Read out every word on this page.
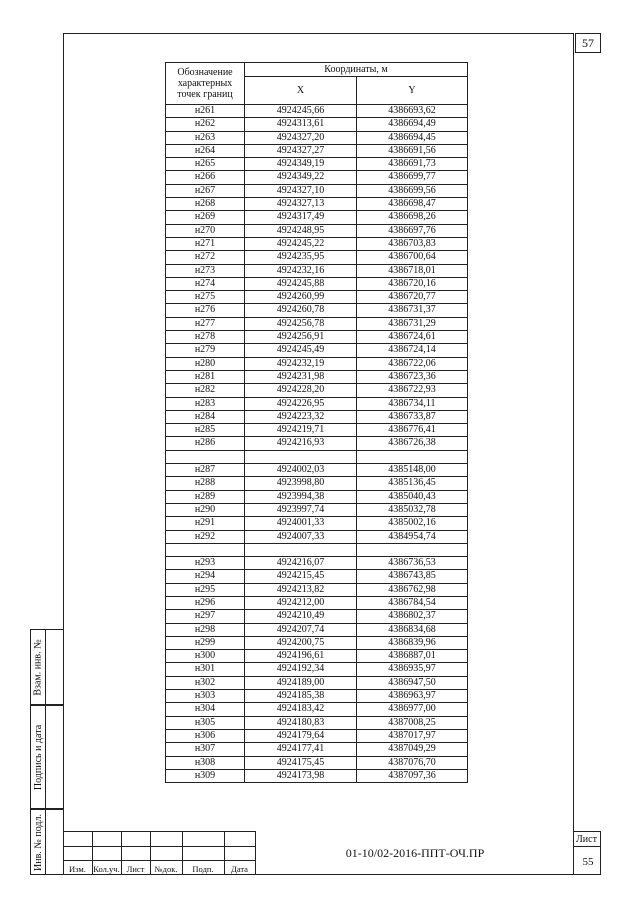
57
Обозначение характерных точек границ	Координаты, м	
	X	Y
н261	4924245,66	4386693,62
н262	4924313,61	4386694,49
н263	4924327,20	4386694,45
н264	4924327,27	4386691,56
н265	4924349,19	4386691,73
н266	4924349,22	4386699,77
н267	4924327,10	4386699,56
н268	4924327,13	4386698,47
н269	4924317,49	4386698,26
н270	4924248,95	4386697,76
н271	4924245,22	4386703,83
н272	4924235,95	4386700,64
н273	4924232,16	4386718,01
н274	4924245,88	4386720,16
н275	4924260,99	4386720,77
н276	4924260,78	4386731,37
н277	4924256,78	4386731,29
н278	4924256,91	4386724,61
н279	4924245,49	4386724,14
н280	4924232,19	4386722,06
н281	4924231,98	4386723,36
н282	4924228,20	4386722,93
н283	4924226,95	4386734,11
н284	4924223,32	4386733,87
н285	4924219,71	4386776,41
н286	4924216,93	4386726,38

н287	4924002,03	4385148,00
н288	4923998,80	4385136,45
н289	4923994,38	4385040,43
н290	4923997,74	4385032,78
н291	4924001,33	4385002,16
н292	4924007,33	4384954,74

н293	4924216,07	4386736,53
н294	4924215,45	4386743,85
н295	4924213,82	4386762,98
н296	4924212,00	4386784,54
н297	4924210,49	4386802,37
н298	4924207,74	4386834,68
н299	4924200,75	4386839,96
н300	4924196,61	4386887,01
н301	4924192,34	4386935,97
н302	4924189,00	4386947,50
н303	4924185,38	4386963,97
н304	4924183,42	4386977,00
н305	4924180,83	4387008,25
н306	4924179,64	4387017,97
н307	4924177,41	4387049,29
н308	4924175,45	4387076,70
н309	4924173,98	4387097,36
Взам. инв. №
Подпись и дата
Инв. № подл.	Изм. Кол.уч. Лист	№док.	Подп.	Дата
01-10/02-2016-ППТ-ОЧ.ПР
Лист
55
